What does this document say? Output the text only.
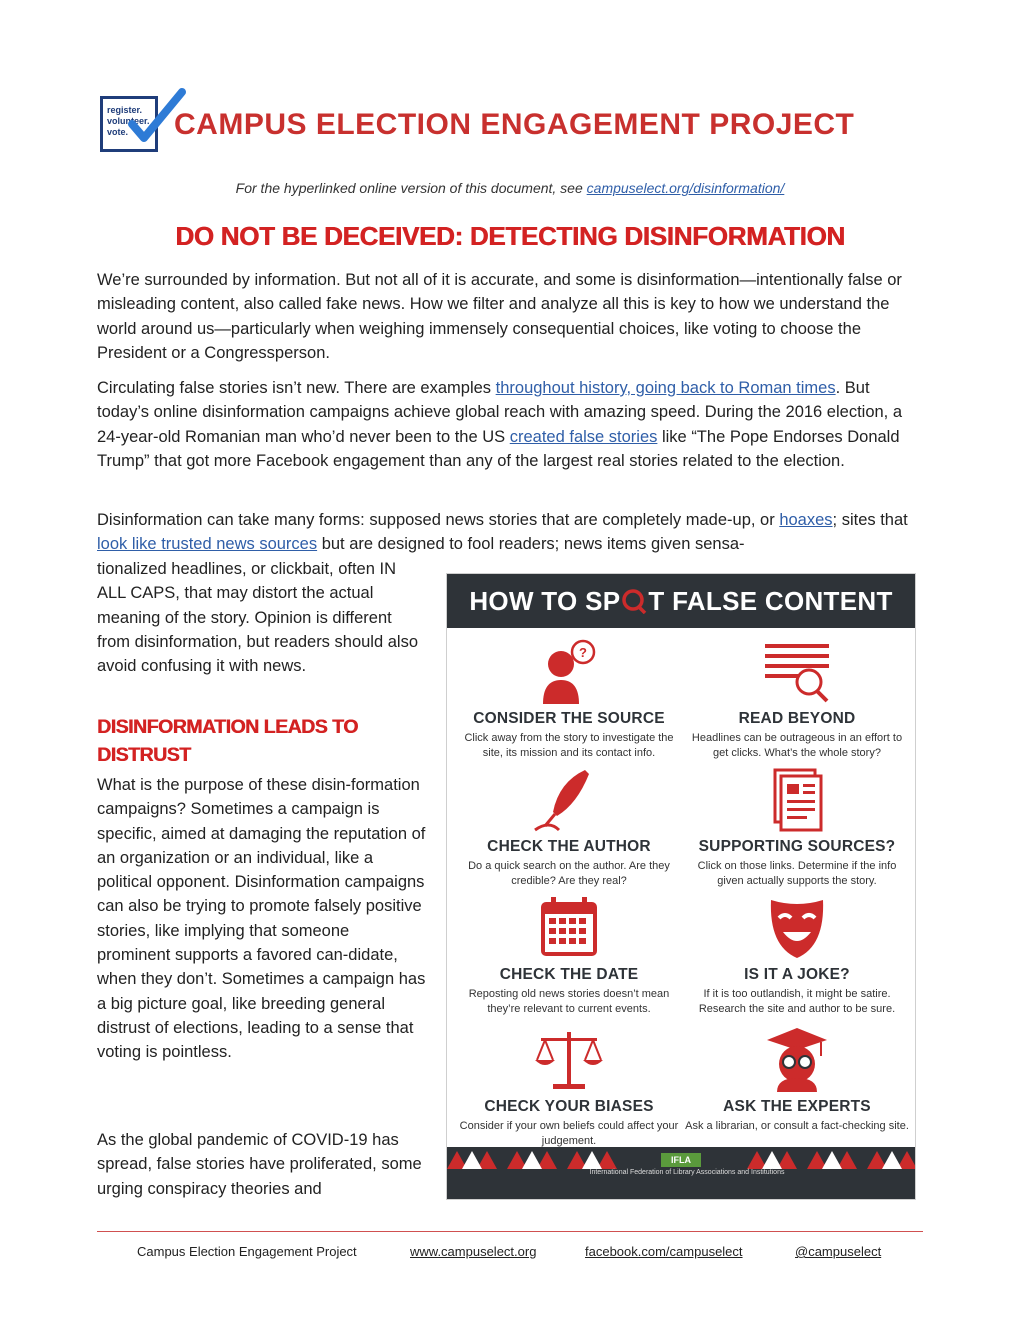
register.
volunteer.
vote. CAMPUS ELECTION ENGAGEMENT PROJECT
For the hyperlinked online version of this document, see campuselect.org/disinformation/
DO NOT BE DECEIVED: DETECTING DISINFORMATION
We’re surrounded by information. But not all of it is accurate, and some is disinformation—intentionally false or misleading content, also called fake news. How we filter and analyze all this is key to how we understand the world around us—particularly when weighing immensely consequential choices, like voting to choose the President or a Congressperson.
Circulating false stories isn’t new. There are examples throughout history, going back to Roman times. But today’s online disinformation campaigns achieve global reach with amazing speed. During the 2016 election, a 24-year-old Romanian man who’d never been to the US created false stories like “The Pope Endorses Donald Trump” that got more Facebook engagement than any of the largest real stories related to the election.
Disinformation can take many forms: supposed news stories that are completely made-up, or hoaxes; sites that look like trusted news sources but are designed to fool readers; news items given sensa-
tionalized headlines, or clickbait, often IN ALL CAPS, that may distort the actual meaning of the story. Opinion is different from disinformation, but readers should also avoid confusing it with news.
DISINFORMATION LEADS TO DISTRUST
What is the purpose of these disin-formation campaigns? Sometimes a campaign is specific, aimed at damaging the reputation of an organization or an individual, like a political opponent. Disinformation campaigns can also be trying to promote falsely positive stories, like implying that someone prominent supports a favored can-didate, when they don’t. Sometimes a campaign has a big picture goal, like breeding general distrust of elections, leading to a sense that voting is pointless.
As the global pandemic of COVID-19 has spread, false stories have proliferated, some urging conspiracy theories and
HOW TO SP T FALSE CONTENT
?
CONSIDER THE SOURCE
Click away from the story to investigate the site, its mission and its contact info.
READ BEYOND
Headlines can be outrageous in an effort to get clicks. What’s the whole story?
CHECK THE AUTHOR
Do a quick search on the author. Are they credible? Are they real?
SUPPORTING SOURCES?
Click on those links. Determine if the info given actually supports the story.
CHECK THE DATE
Reposting old news stories doesn’t mean they’re relevant to current events.
IS IT A JOKE?
If it is too outlandish, it might be satire. Research the site and author to be sure.
CHECK YOUR BIASES
Consider if your own beliefs could affect your judgement.
ASK THE EXPERTS
Ask a librarian, or consult a fact-checking site.
IFLA
International Federation of Library Associations and Institutions
Campus Election Engagement Project	www.campuselect.org	facebook.com/campuselect	@campuselect
